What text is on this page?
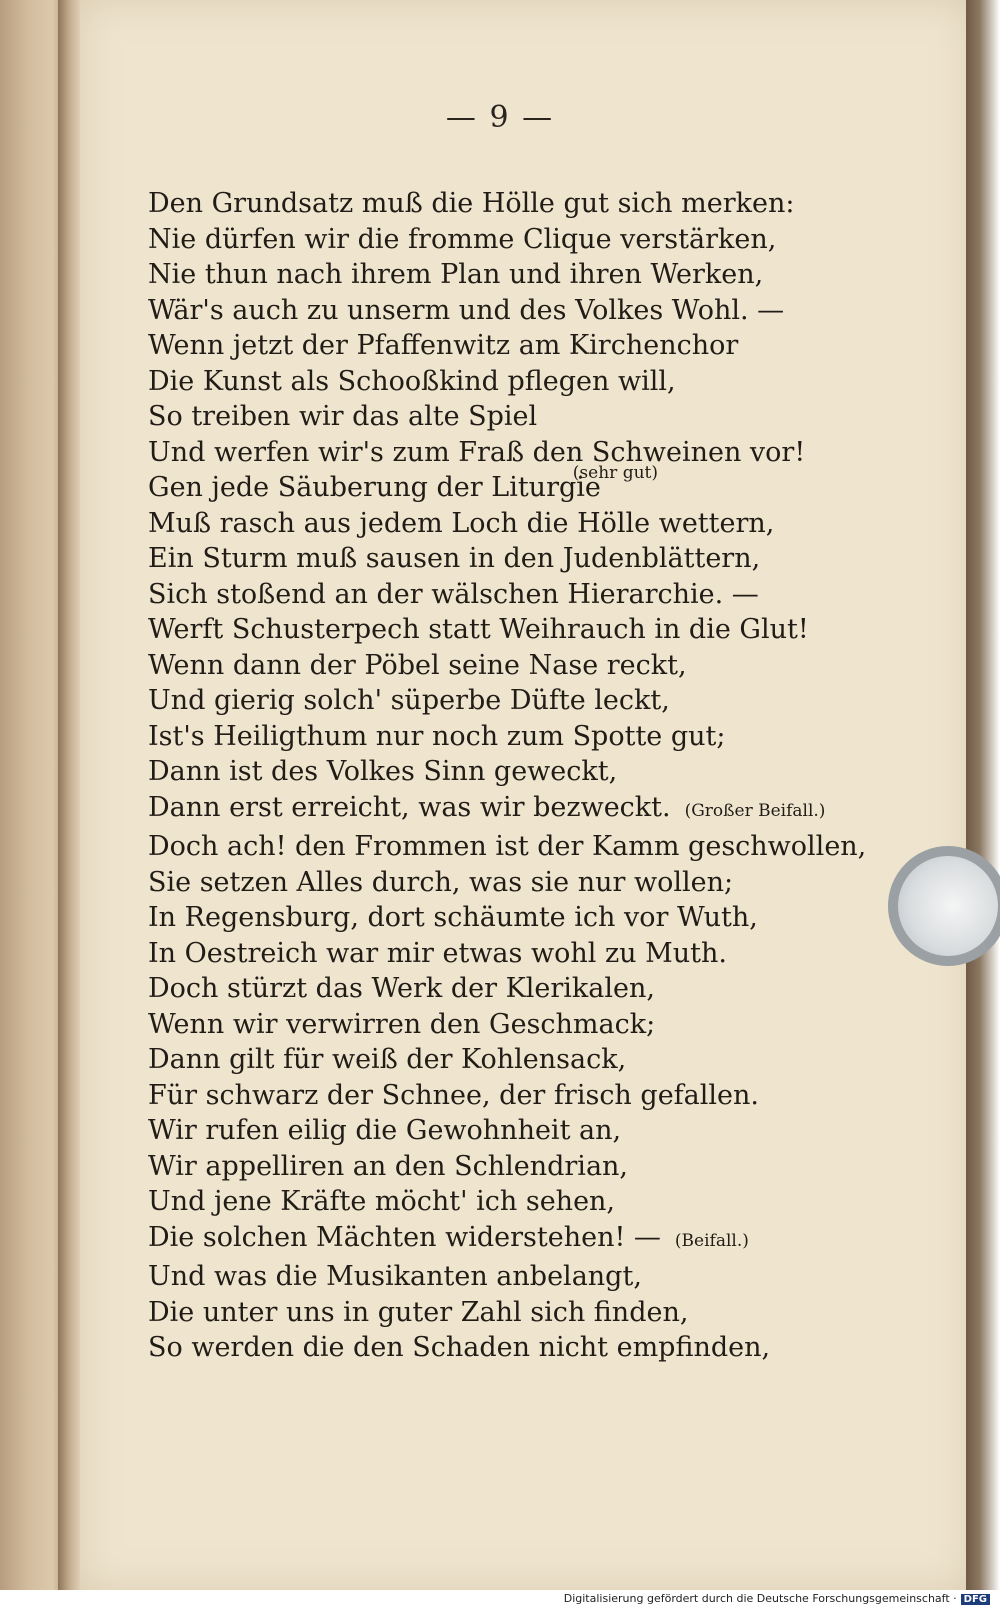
— 9 —
Den Grundsatz muß die Hölle gut sich merken:
Nie dürfen wir die fromme Clique verstärken,
Nie thun nach ihrem Plan und ihren Werken,
Wär's auch zu unserm und des Volkes Wohl. —
Wenn jetzt der Pfaffenwitz am Kirchenchor
Die Kunst als Schooßkind pflegen will,
So treiben wir das alte Spiel
Und werfen wir's zum Fraß den Schweinen vor!
(sehr gut)
Gen jede Säuberung der Liturgie
Muß rasch aus jedem Loch die Hölle wettern,
Ein Sturm muß sausen in den Judenblättern,
Sich stoßend an der wälschen Hierarchie. —
Werft Schusterpech statt Weihrauch in die Glut!
Wenn dann der Pöbel seine Nase reckt,
Und gierig solch' süperbe Düfte leckt,
Ist's Heiligthum nur noch zum Spotte gut;
Dann ist des Volkes Sinn geweckt,
Dann erst erreicht, was wir bezweckt. (Großer Beifall.)
Doch ach! den Frommen ist der Kamm geschwollen,
Sie setzen Alles durch, was sie nur wollen;
In Regensburg, dort schäumte ich vor Wuth,
In Oestreich war mir etwas wohl zu Muth.
Doch stürzt das Werk der Klerikalen,
Wenn wir verwirren den Geschmack;
Dann gilt für weiß der Kohlensack,
Für schwarz der Schnee, der frisch gefallen.
Wir rufen eilig die Gewohnheit an,
Wir appelliren an den Schlendrian,
Und jene Kräfte möcht' ich sehen,
Die solchen Mächten widerstehen! — (Beifall.)
Und was die Musikanten anbelangt,
Die unter uns in guter Zahl sich finden,
So werden die den Schaden nicht empfinden,
Digitalisierung gefördert durch die Deutsche Forschungsgemeinschaft · DFG
